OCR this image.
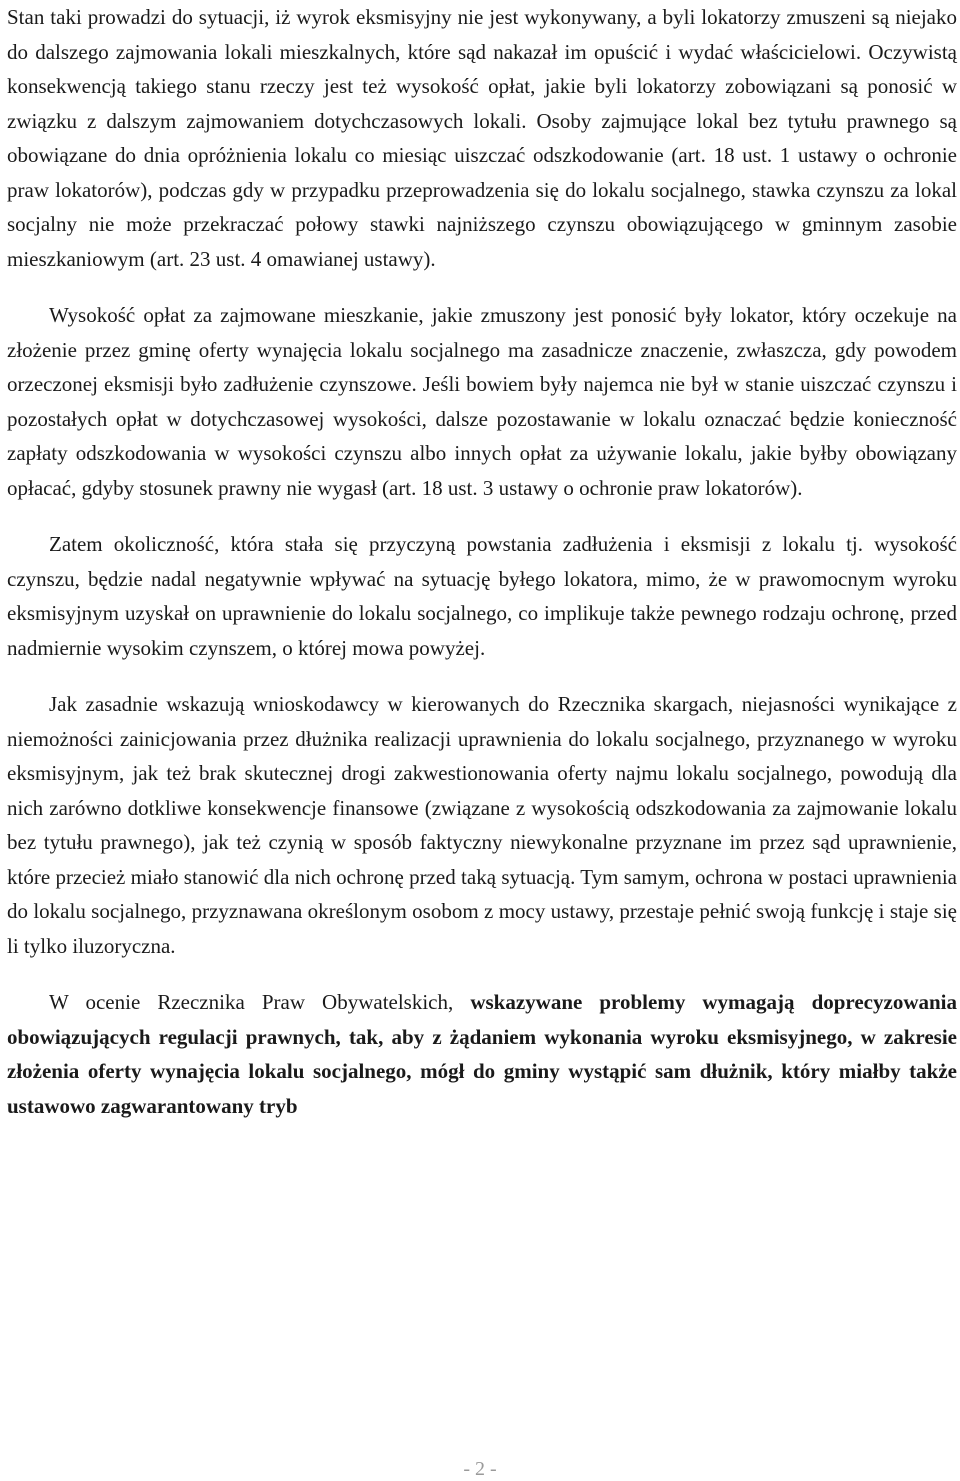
Stan taki prowadzi do sytuacji, iż wyrok eksmisyjny nie jest wykonywany, a byli lokatorzy zmuszeni są niejako do dalszego zajmowania lokali mieszkalnych, które sąd nakazał im opuścić i wydać właścicielowi. Oczywistą konsekwencją takiego stanu rzeczy jest też wysokość opłat, jakie byli lokatorzy zobowiązani są ponosić w związku z dalszym zajmowaniem dotychczasowych lokali. Osoby zajmujące lokal bez tytułu prawnego są obowiązane do dnia opróżnienia lokalu co miesiąc uiszczać odszkodowanie (art. 18 ust. 1 ustawy o ochronie praw lokatorów), podczas gdy w przypadku przeprowadzenia się do lokalu socjalnego, stawka czynszu za lokal socjalny nie może przekraczać połowy stawki najniższego czynszu obowiązującego w gminnym zasobie mieszkaniowym (art. 23 ust. 4 omawianej ustawy).

Wysokość opłat za zajmowane mieszkanie, jakie zmuszony jest ponosić były lokator, który oczekuje na złożenie przez gminę oferty wynajęcia lokalu socjalnego ma zasadnicze znaczenie, zwłaszcza, gdy powodem orzeczonej eksmisji było zadłużenie czynszowe. Jeśli bowiem były najemca nie był w stanie uiszczać czynszu i pozostałych opłat w dotychczasowej wysokości, dalsze pozostawanie w lokalu oznaczać będzie konieczność zapłaty odszkodowania w wysokości czynszu albo innych opłat za używanie lokalu, jakie byłby obowiązany opłacać, gdyby stosunek prawny nie wygasł (art. 18 ust. 3 ustawy o ochronie praw lokatorów).

Zatem okoliczność, która stała się przyczyną powstania zadłużenia i eksmisji z lokalu tj. wysokość czynszu, będzie nadal negatywnie wpływać na sytuację byłego lokatora, mimo, że w prawomocnym wyroku eksmisyjnym uzyskał on uprawnienie do lokalu socjalnego, co implikuje także pewnego rodzaju ochronę, przed nadmiernie wysokim czynszem, o której mowa powyżej.

Jak zasadnie wskazują wnioskodawcy w kierowanych do Rzecznika skargach, niejasności wynikające z niemożności zainicjowania przez dłużnika realizacji uprawnienia do lokalu socjalnego, przyznanego w wyroku eksmisyjnym, jak też brak skutecznej drogi zakwestionowania oferty najmu lokalu socjalnego, powodują dla nich zarówno dotkliwe konsekwencje finansowe (związane z wysokością odszkodowania za zajmowanie lokalu bez tytułu prawnego), jak też czynią w sposób faktyczny niewykonalne przyznane im przez sąd uprawnienie, które przecież miało stanowić dla nich ochronę przed taką sytuacją. Tym samym, ochrona w postaci uprawnienia do lokalu socjalnego, przyznawana określonym osobom z mocy ustawy, przestaje pełnić swoją funkcję i staje się li tylko iluzoryczna.

W ocenie Rzecznika Praw Obywatelskich, wskazywane problemy wymagają doprecyzowania obowiązujących regulacji prawnych, tak, aby z żądaniem wykonania wyroku eksmisyjnego, w zakresie złożenia oferty wynajęcia lokalu socjalnego, mógł do gminy wystąpić sam dłużnik, który miałby także ustawowo zagwarantowany tryb

- 2 -
